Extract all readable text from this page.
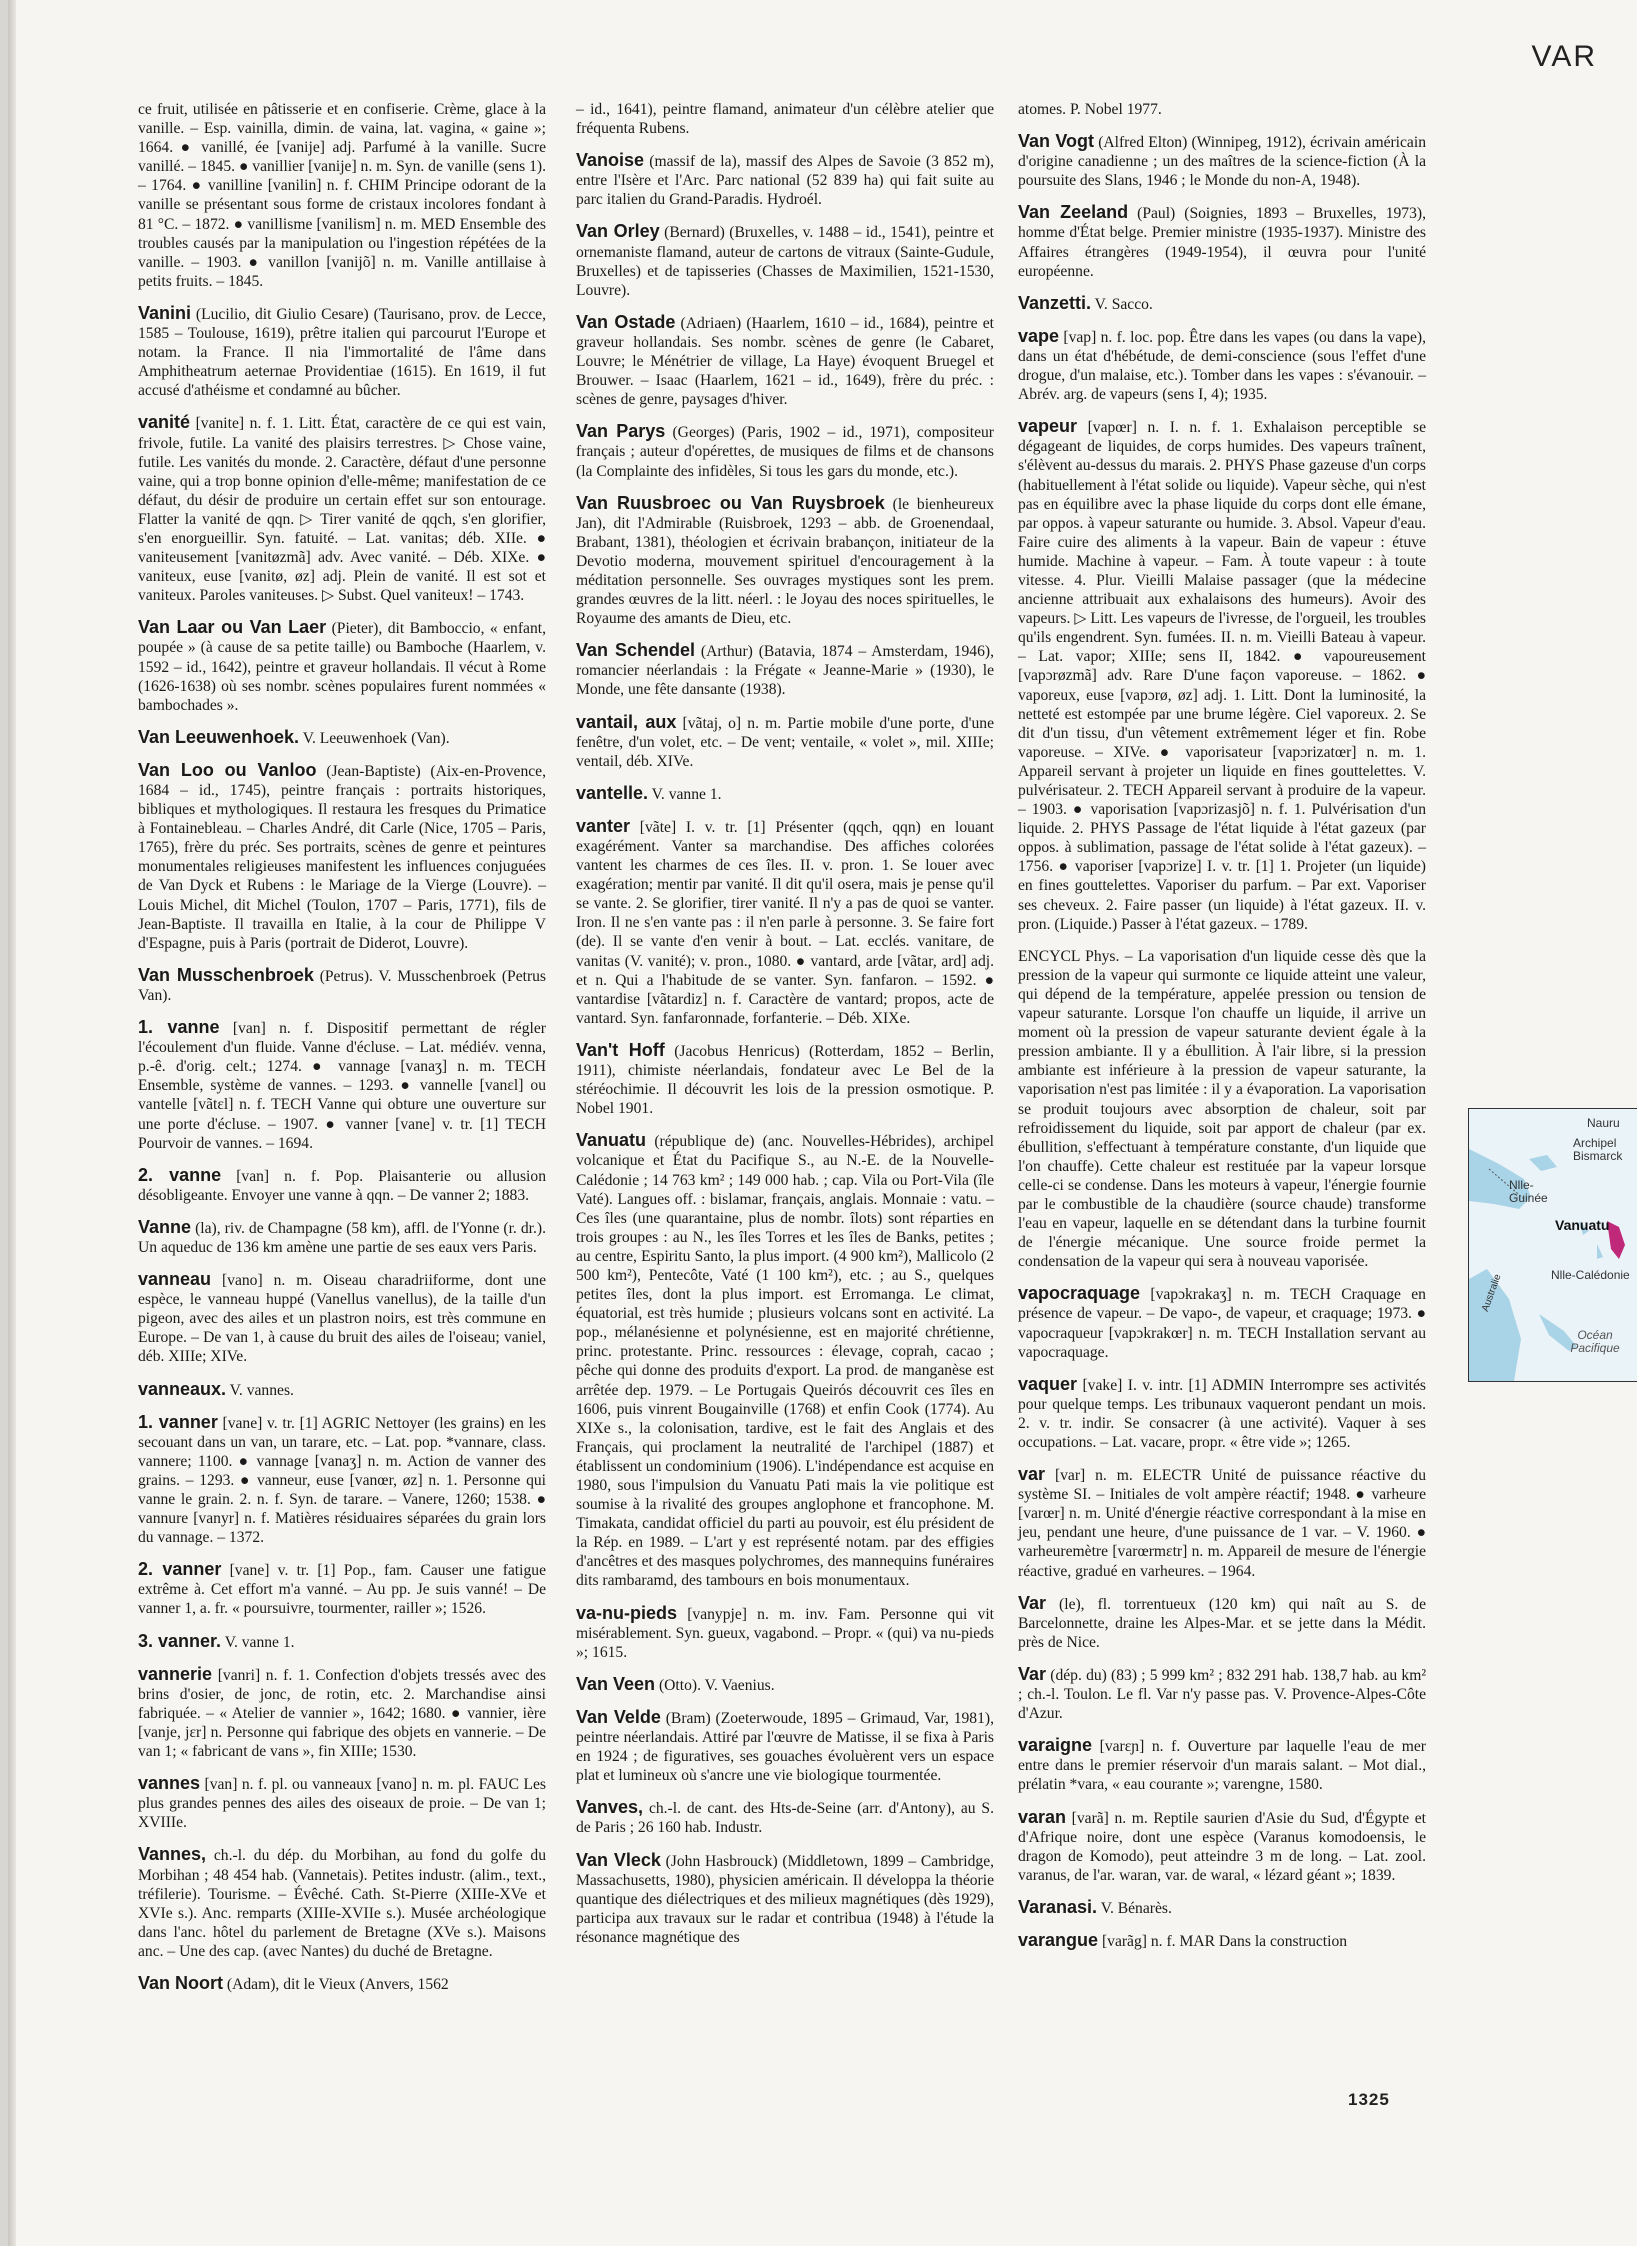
VAR

ce fruit, utilisée en pâtisserie et en confiserie. Crème, glace à la vanille. – Esp. vainilla, dimin. de vaina, lat. vagina, « gaine »; 1664. ● vanillé, ée [vanije] adj. Parfumé à la vanille. Sucre vanillé. – 1845. ● vanillier [vanije] n. m. Syn. de vanille (sens 1). – 1764. ● vanilline [vanilin] n. f. CHIM Principe odorant de la vanille se présentant sous forme de cristaux incolores fondant à 81 °C. – 1872. ● vanillisme [vanilism] n. m. MED Ensemble des troubles causés par la manipulation ou l'ingestion répétées de la vanille. – 1903. ● vanillon [vanijõ] n. m. Vanille antillaise à petits fruits. – 1845.

Vanini (Lucilio, dit Giulio Cesare) (Taurisano, prov. de Lecce, 1585 – Toulouse, 1619), prêtre italien qui parcourut l'Europe et notam. la France. Il nia l'immortalité de l'âme dans Amphitheatrum aeternae Providentiae (1615). En 1619, il fut accusé d'athéisme et condamné au bûcher.

vanité [vanite] n. f. 1. Litt. État, caractère de ce qui est vain, frivole, futile. La vanité des plaisirs terrestres. ▷ Chose vaine, futile. Les vanités du monde. 2. Caractère, défaut d'une personne vaine, qui a trop bonne opinion d'elle-même; manifestation de ce défaut, du désir de produire un certain effet sur son entourage. Flatter la vanité de qqn. ▷ Tirer vanité de qqch, s'en glorifier, s'en enorgueillir. Syn. fatuité. – Lat. vanitas; déb. XIIe. ● vaniteusement [vanitøzmã] adv. Avec vanité. – Déb. XIXe. ● vaniteux, euse [vanitø, øz] adj. Plein de vanité. Il est sot et vaniteux. Paroles vaniteuses. ▷ Subst. Quel vaniteux! – 1743.

Van Laar ou Van Laer (Pieter), dit Bamboccio, « enfant, poupée » (à cause de sa petite taille) ou Bamboche (Haarlem, v. 1592 – id., 1642), peintre et graveur hollandais. Il vécut à Rome (1626-1638) où ses nombr. scènes populaires furent nommées « bambochades ».

Van Leeuwenhoek. V. Leeuwenhoek (Van).

Van Loo ou Vanloo (Jean-Baptiste) (Aix-en-Provence, 1684 – id., 1745), peintre français : portraits historiques, bibliques et mythologiques. Il restaura les fresques du Primatice à Fontainebleau. – Charles André, dit Carle (Nice, 1705 – Paris, 1765), frère du préc. Ses portraits, scènes de genre et peintures monumentales religieuses manifestent les influences conjuguées de Van Dyck et Rubens : le Mariage de la Vierge (Louvre). – Louis Michel, dit Michel (Toulon, 1707 – Paris, 1771), fils de Jean-Baptiste. Il travailla en Italie, à la cour de Philippe V d'Espagne, puis à Paris (portrait de Diderot, Louvre).

Van Musschenbroek (Petrus). V. Musschenbroek (Petrus Van).

1. vanne [van] n. f. Dispositif permettant de régler l'écoulement d'un fluide. Vanne d'écluse. – Lat. médiév. venna, p.-ê. d'orig. celt.; 1274. ● vannage [vanaʒ] n. m. TECH Ensemble, système de vannes. – 1293. ● vannelle [vanɛl] ou vantelle [vãtɛl] n. f. TECH Vanne qui obture une ouverture sur une porte d'écluse. – 1907. ● vanner [vane] v. tr. [1] TECH Pourvoir de vannes. – 1694.

2. vanne [van] n. f. Pop. Plaisanterie ou allusion désobligeante. Envoyer une vanne à qqn. – De vanner 2; 1883.

Vanne (la), riv. de Champagne (58 km), affl. de l'Yonne (r. dr.). Un aqueduc de 136 km amène une partie de ses eaux vers Paris.

vanneau [vano] n. m. Oiseau charadriiforme, dont une espèce, le vanneau huppé (Vanellus vanellus), de la taille d'un pigeon, avec des ailes et un plastron noirs, est très commune en Europe. – De van 1, à cause du bruit des ailes de l'oiseau; vaniel, déb. XIIIe; XIVe.

vanneaux. V. vannes.

1. vanner [vane] v. tr. [1] AGRIC Nettoyer (les grains) en les secouant dans un van, un tarare, etc. – Lat. pop. *vannare, class. vannere; 1100. ● vannage [vanaʒ] n. m. Action de vanner des grains. – 1293. ● vanneur, euse [vanœr, øz] n. 1. Personne qui vanne le grain. 2. n. f. Syn. de tarare. – Vanere, 1260; 1538. ● vannure [vanyr] n. f. Matières résiduaires séparées du grain lors du vannage. – 1372.

2. vanner [vane] v. tr. [1] Pop., fam. Causer une fatigue extrême à. Cet effort m'a vanné. – Au pp. Je suis vanné! – De vanner 1, a. fr. « poursuivre, tourmenter, railler »; 1526.

3. vanner. V. vanne 1.

vannerie [vanri] n. f. 1. Confection d'objets tressés avec des brins d'osier, de jonc, de rotin, etc. 2. Marchandise ainsi fabriquée. – « Atelier de vannier », 1642; 1680. ● vannier, ière [vanje, jɛr] n. Personne qui fabrique des objets en vannerie. – De van 1; « fabricant de vans », fin XIIIe; 1530.

vannes [van] n. f. pl. ou vanneaux [vano] n. m. pl. FAUC Les plus grandes pennes des ailes des oiseaux de proie. – De van 1; XVIIIe.

Vannes, ch.-l. du dép. du Morbihan, au fond du golfe du Morbihan ; 48 454 hab. (Vannetais). Petites industr. (alim., text., tréfilerie). Tourisme. – Évêché. Cath. St-Pierre (XIIIe-XVe et XVIe s.). Anc. remparts (XIIIe-XVIIe s.). Musée archéologique dans l'anc. hôtel du parlement de Bretagne (XVe s.). Maisons anc. – Une des cap. (avec Nantes) du duché de Bretagne.

Van Noort (Adam), dit le Vieux (Anvers, 1562

– id., 1641), peintre flamand, animateur d'un célèbre atelier que fréquenta Rubens.

Vanoise (massif de la), massif des Alpes de Savoie (3 852 m), entre l'Isère et l'Arc. Parc national (52 839 ha) qui fait suite au parc italien du Grand-Paradis. Hydroél.

Van Orley (Bernard) (Bruxelles, v. 1488 – id., 1541), peintre et ornemaniste flamand, auteur de cartons de vitraux (Sainte-Gudule, Bruxelles) et de tapisseries (Chasses de Maximilien, 1521-1530, Louvre).

Van Ostade (Adriaen) (Haarlem, 1610 – id., 1684), peintre et graveur hollandais. Ses nombr. scènes de genre (le Cabaret, Louvre; le Ménétrier de village, La Haye) évoquent Bruegel et Brouwer. – Isaac (Haarlem, 1621 – id., 1649), frère du préc. : scènes de genre, paysages d'hiver.

Van Parys (Georges) (Paris, 1902 – id., 1971), compositeur français ; auteur d'opérettes, de musiques de films et de chansons (la Complainte des infidèles, Si tous les gars du monde, etc.).

Van Ruusbroec ou Van Ruysbroek (le bienheureux Jan), dit l'Admirable (Ruisbroek, 1293 – abb. de Groenendaal, Brabant, 1381), théologien et écrivain brabançon, initiateur de la Devotio moderna, mouvement spirituel d'encouragement à la méditation personnelle. Ses ouvrages mystiques sont les prem. grandes œuvres de la litt. néerl. : le Joyau des noces spirituelles, le Royaume des amants de Dieu, etc.

Van Schendel (Arthur) (Batavia, 1874 – Amsterdam, 1946), romancier néerlandais : la Frégate « Jeanne-Marie » (1930), le Monde, une fête dansante (1938).

vantail, aux [vãtaj, o] n. m. Partie mobile d'une porte, d'une fenêtre, d'un volet, etc. – De vent; ventaile, « volet », mil. XIIIe; ventail, déb. XIVe.

vantelle. V. vanne 1.

vanter [vãte] I. v. tr. [1] Présenter (qqch, qqn) en louant exagérément. Vanter sa marchandise. Des affiches colorées vantent les charmes de ces îles. II. v. pron. 1. Se louer avec exagération; mentir par vanité. Il dit qu'il osera, mais je pense qu'il se vante. 2. Se glorifier, tirer vanité. Il n'y a pas de quoi se vanter. Iron. Il ne s'en vante pas : il n'en parle à personne. 3. Se faire fort (de). Il se vante d'en venir à bout. – Lat. ecclés. vanitare, de vanitas (V. vanité); v. pron., 1080. ● vantard, arde [vãtar, ard] adj. et n. Qui a l'habitude de se vanter. Syn. fanfaron. – 1592. ● vantardise [vãtardiz] n. f. Caractère de vantard; propos, acte de vantard. Syn. fanfaronnade, forfanterie. – Déb. XIXe.

Van't Hoff (Jacobus Henricus) (Rotterdam, 1852 – Berlin, 1911), chimiste néerlandais, fondateur avec Le Bel de la stéréochimie. Il découvrit les lois de la pression osmotique. P. Nobel 1901.

Vanuatu (république de) (anc. Nouvelles-Hébrides), archipel volcanique et État du Pacifique S., au N.-E. de la Nouvelle-Calédonie ; 14 763 km² ; 149 000 hab. ; cap. Vila ou Port-Vila (île Vaté). Langues off. : bislamar, français, anglais. Monnaie : vatu. – Ces îles (une quarantaine, plus de nombr. îlots) sont réparties en trois groupes : au N., les îles Torres et les îles de Banks, petites ; au centre, Espiritu Santo, la plus import. (4 900 km²), Mallicolo (2 500 km²), Pentecôte, Vaté (1 100 km²), etc. ; au S., quelques petites îles, dont la plus import. est Erromanga. Le climat, équatorial, est très humide ; plusieurs volcans sont en activité. La pop., mélanésienne et polynésienne, est en majorité chrétienne, princ. protestante. Princ. ressources : élevage, coprah, cacao ; pêche qui donne des produits d'export. La prod. de manganèse est arrêtée dep. 1979. – Le Portugais Queirós découvrit ces îles en 1606, puis vinrent Bougainville (1768) et enfin Cook (1774). Au XIXe s., la colonisation, tardive, est le fait des Anglais et des Français, qui proclament la neutralité de l'archipel (1887) et établissent un condominium (1906). L'indépendance est acquise en 1980, sous l'impulsion du Vanuatu Pati mais la vie politique est soumise à la rivalité des groupes anglophone et francophone. M. Timakata, candidat officiel du parti au pouvoir, est élu président de la Rép. en 1989. – L'art y est représenté notam. par des effigies d'ancêtres et des masques polychromes, des mannequins funéraires dits rambaramd, des tambours en bois monumentaux.

va-nu-pieds [vanypje] n. m. inv. Fam. Personne qui vit misérablement. Syn. gueux, vagabond. – Propr. « (qui) va nu-pieds »; 1615.

Van Veen (Otto). V. Vaenius.

Van Velde (Bram) (Zoeterwoude, 1895 – Grimaud, Var, 1981), peintre néerlandais. Attiré par l'œuvre de Matisse, il se fixa à Paris en 1924 ; de figuratives, ses gouaches évoluèrent vers un espace plat et lumineux où s'ancre une vie biologique tourmentée.

Vanves, ch.-l. de cant. des Hts-de-Seine (arr. d'Antony), au S. de Paris ; 26 160 hab. Industr.

Van Vleck (John Hasbrouck) (Middletown, 1899 – Cambridge, Massachusetts, 1980), physicien américain. Il développa la théorie quantique des diélectriques et des milieux magnétiques (dès 1929), participa aux travaux sur le radar et contribua (1948) à l'étude la résonance magnétique des

atomes. P. Nobel 1977.

Van Vogt (Alfred Elton) (Winnipeg, 1912), écrivain américain d'origine canadienne ; un des maîtres de la science-fiction (À la poursuite des Slans, 1946 ; le Monde du non-A, 1948).

Van Zeeland (Paul) (Soignies, 1893 – Bruxelles, 1973), homme d'État belge. Premier ministre (1935-1937). Ministre des Affaires étrangères (1949-1954), il œuvra pour l'unité européenne.

Vanzetti. V. Sacco.

vape [vap] n. f. loc. pop. Être dans les vapes (ou dans la vape), dans un état d'hébétude, de demi-conscience (sous l'effet d'une drogue, d'un malaise, etc.). Tomber dans les vapes : s'évanouir. – Abrév. arg. de vapeurs (sens I, 4); 1935.

vapeur [vapœr] n. I. n. f. 1. Exhalaison perceptible se dégageant de liquides, de corps humides. Des vapeurs traînent, s'élèvent au-dessus du marais. 2. PHYS Phase gazeuse d'un corps (habituellement à l'état solide ou liquide). Vapeur sèche, qui n'est pas en équilibre avec la phase liquide du corps dont elle émane, par oppos. à vapeur saturante ou humide. 3. Absol. Vapeur d'eau. Faire cuire des aliments à la vapeur. Bain de vapeur : étuve humide. Machine à vapeur. – Fam. À toute vapeur : à toute vitesse. 4. Plur. Vieilli Malaise passager (que la médecine ancienne attribuait aux exhalaisons des humeurs). Avoir des vapeurs. ▷ Litt. Les vapeurs de l'ivresse, de l'orgueil, les troubles qu'ils engendrent. Syn. fumées. II. n. m. Vieilli Bateau à vapeur. – Lat. vapor; XIIIe; sens II, 1842. ● vapoureusement [vapɔrøzmã] adv. Rare D'une façon vaporeuse. – 1862. ● vaporeux, euse [vapɔrø, øz] adj. 1. Litt. Dont la luminosité, la netteté est estompée par une brume légère. Ciel vaporeux. 2. Se dit d'un tissu, d'un vêtement extrêmement léger et fin. Robe vaporeuse. – XIVe. ● vaporisateur [vapɔrizatœr] n. m. 1. Appareil servant à projeter un liquide en fines gouttelettes. V. pulvérisateur. 2. TECH Appareil servant à produire de la vapeur. – 1903. ● vaporisation [vapɔrizasjõ] n. f. 1. Pulvérisation d'un liquide. 2. PHYS Passage de l'état liquide à l'état gazeux (par oppos. à sublimation, passage de l'état solide à l'état gazeux). – 1756. ● vaporiser [vapɔrize] I. v. tr. [1] 1. Projeter (un liquide) en fines gouttelettes. Vaporiser du parfum. – Par ext. Vaporiser ses cheveux. 2. Faire passer (un liquide) à l'état gazeux. II. v. pron. (Liquide.) Passer à l'état gazeux. – 1789.

ENCYCL Phys. – La vaporisation d'un liquide cesse dès que la pression de la vapeur qui surmonte ce liquide atteint une valeur, qui dépend de la température, appelée pression ou tension de vapeur saturante. Lorsque l'on chauffe un liquide, il arrive un moment où la pression de vapeur saturante devient égale à la pression ambiante. Il y a ébullition. À l'air libre, si la pression ambiante est inférieure à la pression de vapeur saturante, la vaporisation n'est pas limitée : il y a évaporation. La vaporisation se produit toujours avec absorption de chaleur, soit par refroidissement du liquide, soit par apport de chaleur (par ex. ébullition, s'effectuant à température constante, d'un liquide que l'on chauffe). Cette chaleur est restituée par la vapeur lorsque celle-ci se condense. Dans les moteurs à vapeur, l'énergie fournie par le combustible de la chaudière (source chaude) transforme l'eau en vapeur, laquelle en se détendant dans la turbine fournit de l'énergie mécanique. Une source froide permet la condensation de la vapeur qui sera à nouveau vaporisée.

vapocraquage [vapɔkrakaʒ] n. m. TECH Craquage en présence de vapeur. – De vapo-, de vapeur, et craquage; 1973. ● vapocraqueur [vapɔkrakœr] n. m. TECH Installation servant au vapocraquage.

vaquer [vake] I. v. intr. [1] ADMIN Interrompre ses activités pour quelque temps. Les tribunaux vaqueront pendant un mois. 2. v. tr. indir. Se consacrer (à une activité). Vaquer à ses occupations. – Lat. vacare, propr. « être vide »; 1265.

var [var] n. m. ELECTR Unité de puissance réactive du système SI. – Initiales de volt ampère réactif; 1948. ● varheure [varœr] n. m. Unité d'énergie réactive correspondant à la mise en jeu, pendant une heure, d'une puissance de 1 var. – V. 1960. ● varheuremètre [varœrmɛtr] n. m. Appareil de mesure de l'énergie réactive, gradué en varheures. – 1964.

Var (le), fl. torrentueux (120 km) qui naît au S. de Barcelonnette, draine les Alpes-Mar. et se jette dans la Médit. près de Nice.

Var (dép. du) (83) ; 5 999 km² ; 832 291 hab. 138,7 hab. au km² ; ch.-l. Toulon. Le fl. Var n'y passe pas. V. Provence-Alpes-Côte d'Azur.

varaigne [varɛɲ] n. f. Ouverture par laquelle l'eau de mer entre dans le premier réservoir d'un marais salant. – Mot dial., prélatin *vara, « eau courante »; varengne, 1580.

varan [varã] n. m. Reptile saurien d'Asie du Sud, d'Égypte et d'Afrique noire, dont une espèce (Varanus komodoensis, le dragon de Komodo), peut atteindre 3 m de long. – Lat. zool. varanus, de l'ar. waran, var. de waral, « lézard géant »; 1839.

Varanasi. V. Bénarès.

varangue [varãg] n. f. MAR Dans la construction

Nauru
Archipel Bismarck
Nlle-Guinée
Vanuatu
Nlle-Calédonie
Australie
Océan Pacifique
1325
